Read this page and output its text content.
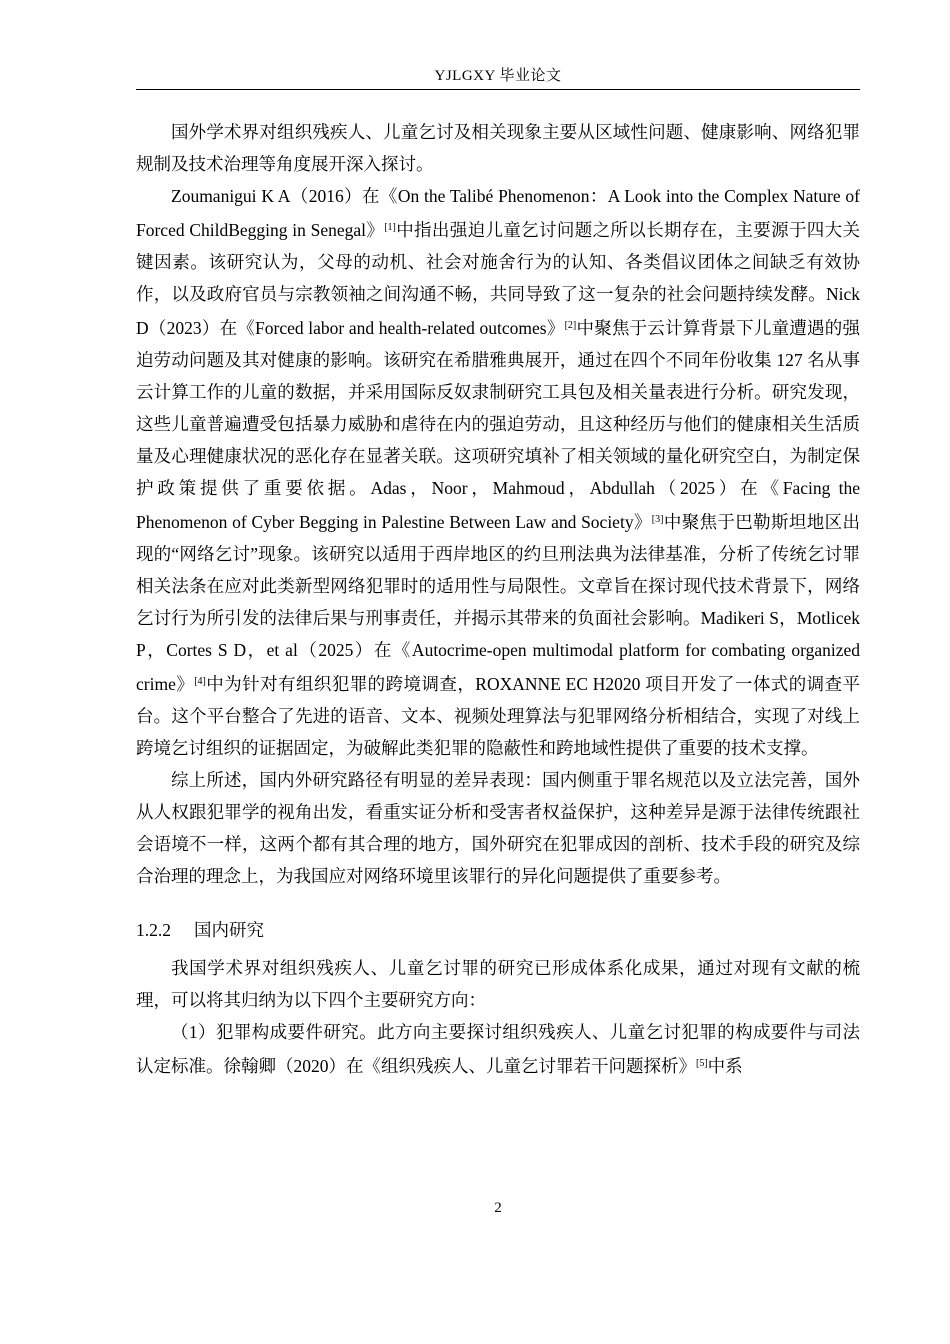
YJLGXY 毕业论文

国外学术界对组织残疾人、儿童乞讨及相关现象主要从区域性问题、健康影响、网络犯罪规制及技术治理等角度展开深入探讨。

Zoumanigui K A（2016）在《On the Talibé Phenomenon：A Look into the Complex Nature of Forced ChildBegging in Senegal》[1]中指出强迫儿童乞讨问题之所以长期存在，主要源于四大关键因素。该研究认为，父母的动机、社会对施舍行为的认知、各类倡议团体之间缺乏有效协作，以及政府官员与宗教领袖之间沟通不畅，共同导致了这一复杂的社会问题持续发酵。Nick D（2023）在《Forced labor and health-related outcomes》[2]中聚焦于云计算背景下儿童遭遇的强迫劳动问题及其对健康的影响。该研究在希腊雅典展开，通过在四个不同年份收集 127 名从事云计算工作的儿童的数据，并采用国际反奴隶制研究工具包及相关量表进行分析。研究发现，这些儿童普遍遭受包括暴力威胁和虐待在内的强迫劳动，且这种经历与他们的健康相关生活质量及心理健康状况的恶化存在显著关联。这项研究填补了相关领域的量化研究空白，为制定保护政策提供了重要依据。Adas，Noor，Mahmoud，Abdullah（2025）在《Facing the Phenomenon of Cyber Begging in Palestine Between Law and Society》[3]中聚焦于巴勒斯坦地区出现的“网络乞讨”现象。该研究以适用于西岸地区的约旦刑法典为法律基准，分析了传统乞讨罪相关法条在应对此类新型网络犯罪时的适用性与局限性。文章旨在探讨现代技术背景下，网络乞讨行为所引发的法律后果与刑事责任，并揭示其带来的负面社会影响。Madikeri S，Motlicek P，Cortes S D，et al（2025）在《Autocrime-open multimodal platform for combating organized crime》[4]中为针对有组织犯罪的跨境调查，ROXANNE EC H2020 项目开发了一体式的调查平台。这个平台整合了先进的语音、文本、视频处理算法与犯罪网络分析相结合，实现了对线上跨境乞讨组织的证据固定，为破解此类犯罪的隐蔽性和跨地域性提供了重要的技术支撑。

综上所述，国内外研究路径有明显的差异表现：国内侧重于罪名规范以及立法完善，国外从人权跟犯罪学的视角出发，看重实证分析和受害者权益保护，这种差异是源于法律传统跟社会语境不一样，这两个都有其合理的地方，国外研究在犯罪成因的剖析、技术手段的研究及综合治理的理念上，为我国应对网络环境里该罪行的异化问题提供了重要参考。

1.2.2 国内研究

我国学术界对组织残疾人、儿童乞讨罪的研究已形成体系化成果，通过对现有文献的梳理，可以将其归纳为以下四个主要研究方向：

（1）犯罪构成要件研究。此方向主要探讨组织残疾人、儿童乞讨犯罪的构成要件与司法认定标准。徐翰卿（2020）在《组织残疾人、儿童乞讨罪若干问题探析》[5]中系

2
